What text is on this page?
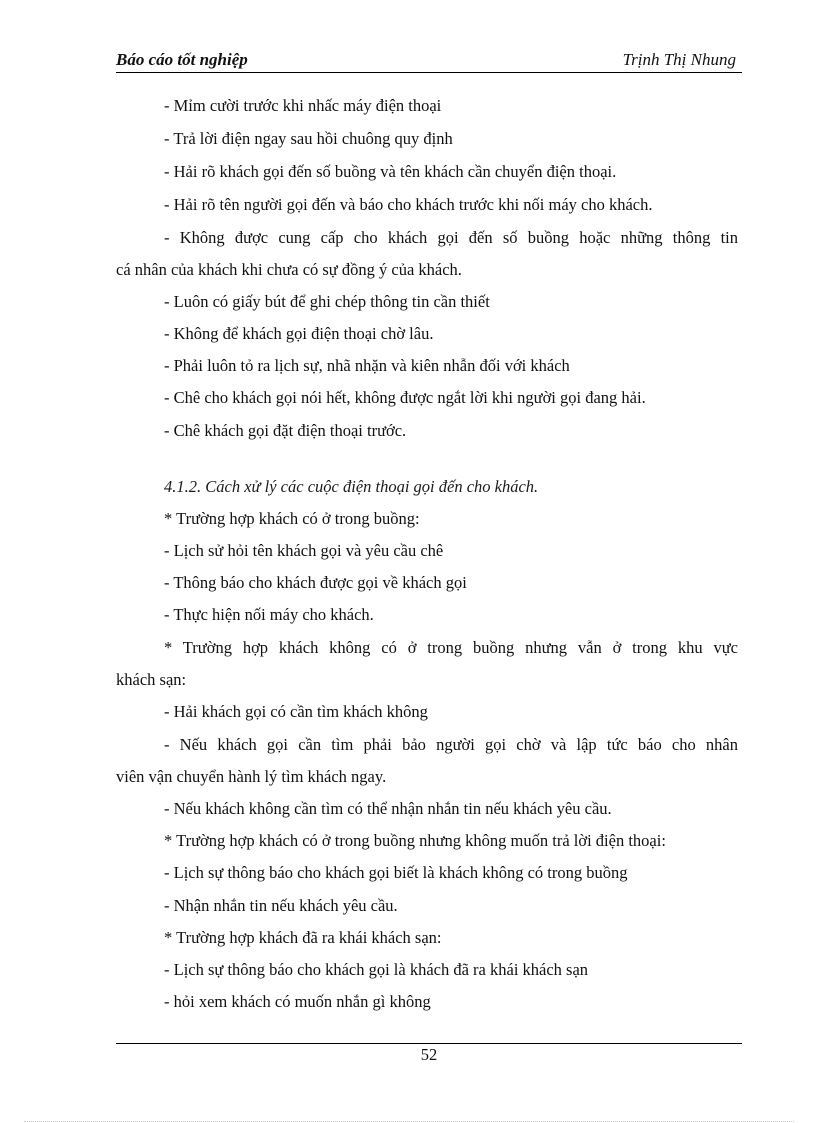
Báo cáo tốt nghiệp	Trịnh Thị Nhung
- Mỉm cười trước khi nhấc máy điện thoại
- Trả lời điện ngay sau hồi chuông quy định
- Hải rõ khách gọi đến số buồng và tên khách cần chuyển điện thoại.
- Hải rõ tên người gọi đến và báo cho khách trước khi nối máy cho khách.
- Không được cung cấp cho khách gọi đến số buồng hoặc những thông tin
cá nhân của khách khi chưa có sự đồng ý của khách.
- Luôn có giấy bút để ghi chép thông tin cần thiết
- Không để khách gọi điện thoại chờ lâu.
- Phải luôn tỏ ra lịch sự, nhã nhặn và kiên nhẫn đối với khách
- Chê cho khách gọi nói hết, không được ngắt lời khi người gọi đang hải.
- Chê khách gọi đặt điện thoại trước.
4.1.2. Cách xử lý các cuộc điện thoại gọi đến cho khách.
* Trường hợp khách có ở trong buồng:
- Lịch sử hỏi tên khách gọi và yêu cầu chê
- Thông báo cho khách được gọi về khách gọi
- Thực hiện nối máy cho khách.
* Trường hợp khách không có ở trong buồng nhưng vẫn ở trong khu vực
khách sạn:
- Hải khách gọi có cần tìm khách không
- Nếu khách gọi cần tìm phải bảo người gọi chờ và lập tức báo cho nhân
viên vận chuyển hành lý tìm khách ngay.
- Nếu khách không cần tìm có thể nhận nhắn tin nếu khách yêu cầu.
* Trường hợp khách có ở trong buồng nhưng không muốn trả lời điện thoại:
- Lịch sự thông báo cho khách gọi biết là khách không có trong buồng
- Nhận nhắn tin nếu khách yêu cầu.
* Trường hợp khách đã ra khái khách sạn:
- Lịch sự thông báo cho khách gọi là khách đã ra khái khách sạn
- hỏi xem khách có muốn nhắn gì không
52
